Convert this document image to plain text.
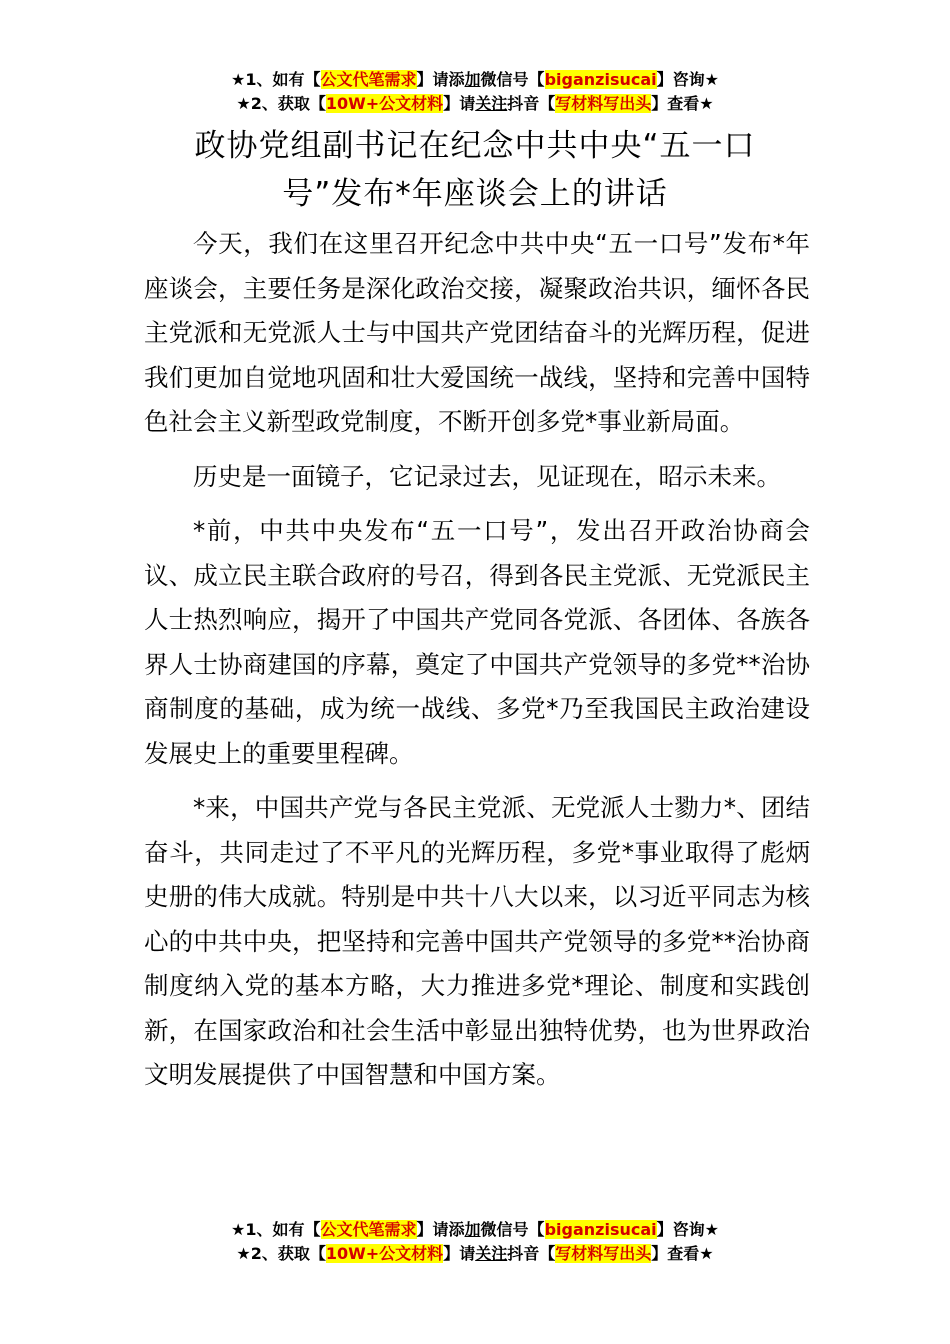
★1、如有【公文代笔需求】请添加微信号【biganzisucai】咨询★
★2、获取【10W+公文材料】请关注抖音【写材料写出头】查看★
政协党组副书记在纪念中共中央“五一口
号”发布*年座谈会上的讲话

今天，我们在这里召开纪念中共中央“五一口号”发布*年座谈会，主要任务是深化政治交接，凝聚政治共识，缅怀各民主党派和无党派人士与中国共产党团结奋斗的光辉历程，促进我们更加自觉地巩固和壮大爱国统一战线，坚持和完善中国特色社会主义新型政党制度，不断开创多党*事业新局面。

历史是一面镜子，它记录过去，见证现在，昭示未来。

*前，中共中央发布“五一口号”，发出召开政治协商会议、成立民主联合政府的号召，得到各民主党派、无党派民主人士热烈响应，揭开了中国共产党同各党派、各团体、各族各界人士协商建国的序幕，奠定了中国共产党领导的多党**治协商制度的基础，成为统一战线、多党*乃至我国民主政治建设发展史上的重要里程碑。

*来，中国共产党与各民主党派、无党派人士勠力*、团结奋斗，共同走过了不平凡的光辉历程，多党*事业取得了彪炳史册的伟大成就。特别是中共十八大以来，以习近平同志为核心的中共中央，把坚持和完善中国共产党领导的多党**治协商制度纳入党的基本方略，大力推进多党*理论、制度和实践创新，在国家政治和社会生活中彰显出独特优势，也为世界政治文明发展提供了中国智慧和中国方案。

★1、如有【公文代笔需求】请添加微信号【biganzisucai】咨询★
★2、获取【10W+公文材料】请关注抖音【写材料写出头】查看★
